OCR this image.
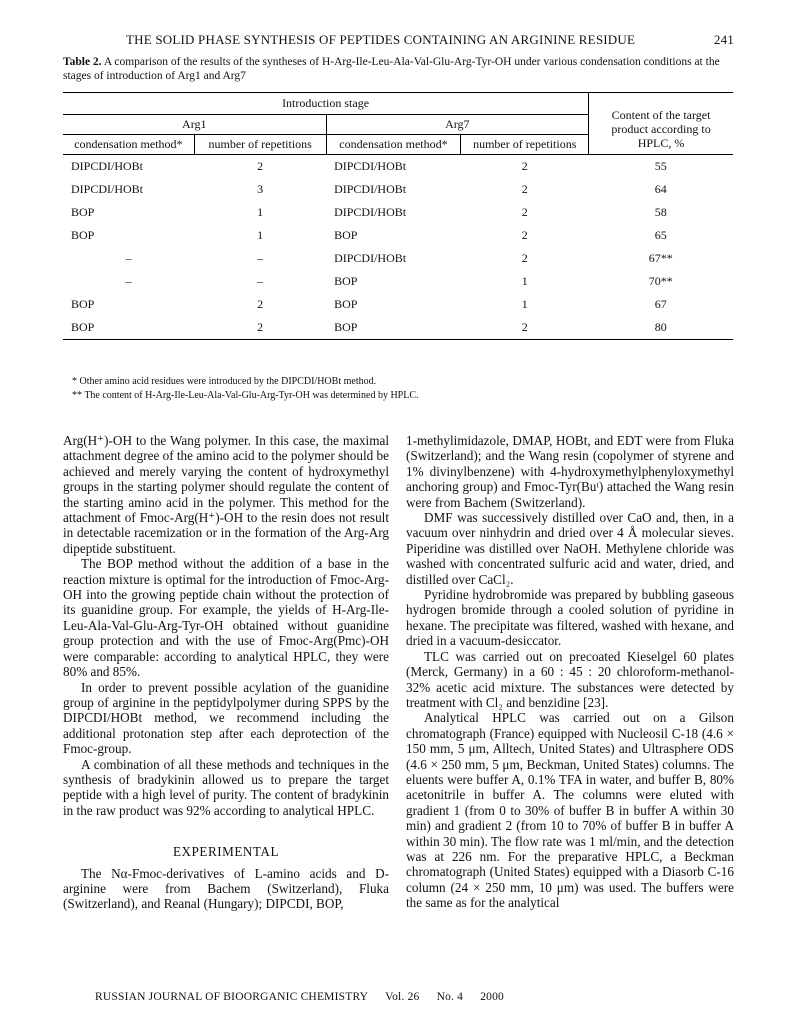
THE SOLID PHASE SYNTHESIS OF PEPTIDES CONTAINING AN ARGININE RESIDUE	241
Table 2. A comparison of the results of the syntheses of H-Arg-Ile-Leu-Ala-Val-Glu-Arg-Tyr-OH under various condensation conditions at the stages of introduction of Arg1 and Arg7
Introduction stage				Content of the target product according to HPLC, %
Arg1		Arg7		
condensation method*	number of repetitions	condensation method*	number of repetitions	
DIPCDI/HOBt	2	DIPCDI/HOBt	2	55
DIPCDI/HOBt	3	DIPCDI/HOBt	2	64
BOP	1	DIPCDI/HOBt	2	58
BOP	1	BOP	2	65
–	–	DIPCDI/HOBt	2	67**
–	–	BOP	1	70**
BOP	2	BOP	1	67
BOP	2	BOP	2	80
* Other amino acid residues were introduced by the DIPCDI/HOBt method.
** The content of H-Arg-Ile-Leu-Ala-Val-Glu-Arg-Tyr-OH was determined by HPLC.

Arg(H⁺)-OH to the Wang polymer. In this case, the maximal attachment degree of the amino acid to the polymer should be achieved and merely varying the content of hydroxymethyl groups in the starting polymer should regulate the content of the starting amino acid in the polymer. This method for the attachment of Fmoc-Arg(H⁺)-OH to the resin does not result in detectable racemization or in the formation of the Arg-Arg dipeptide substituent.

The BOP method without the addition of a base in the reaction mixture is optimal for the introduction of Fmoc-Arg-OH into the growing peptide chain without the protection of its guanidine group. For example, the yields of H-Arg-Ile-Leu-Ala-Val-Glu-Arg-Tyr-OH obtained without guanidine group protection and with the use of Fmoc-Arg(Pmc)-OH were comparable: according to analytical HPLC, they were 80% and 85%.

In order to prevent possible acylation of the guanidine group of arginine in the peptidylpolymer during SPPS by the DIPCDI/HOBt method, we recommend including the additional protonation step after each deprotection of the Fmoc-group.

A combination of all these methods and techniques in the synthesis of bradykinin allowed us to prepare the target peptide with a high level of purity. The content of bradykinin in the raw product was 92% according to analytical HPLC.

EXPERIMENTAL

The Nα-Fmoc-derivatives of L-amino acids and D-arginine were from Bachem (Switzerland), Fluka (Switzerland), and Reanal (Hungary); DIPCDI, BOP,

1-methylimidazole, DMAP, HOBt, and EDT were from Fluka (Switzerland); and the Wang resin (copolymer of styrene and 1% divinylbenzene) with 4-hydroxymethylphenyloxymethyl anchoring group) and Fmoc-Tyr(Buᵗ) attached the Wang resin were from Bachem (Switzerland).

DMF was successively distilled over CaO and, then, in a vacuum over ninhydrin and dried over 4 Å molecular sieves. Piperidine was distilled over NaOH. Methylene chloride was washed with concentrated sulfuric acid and water, dried, and distilled over CaCl₂.

Pyridine hydrobromide was prepared by bubbling gaseous hydrogen bromide through a cooled solution of pyridine in hexane. The precipitate was filtered, washed with hexane, and dried in a vacuum-desiccator.

TLC was carried out on precoated Kieselgel 60 plates (Merck, Germany) in a 60 : 45 : 20 chloroform-methanol-32% acetic acid mixture. The substances were detected by treatment with Cl₂ and benzidine [23].

Analytical HPLC was carried out on a Gilson chromatograph (France) equipped with Nucleosil C-18 (4.6 × 150 mm, 5 μm, Alltech, United States) and Ultrasphere ODS (4.6 × 250 mm, 5 μm, Beckman, United States) columns. The eluents were buffer A, 0.1% TFA in water, and buffer B, 80% acetonitrile in buffer A. The columns were eluted with gradient 1 (from 0 to 30% of buffer B in buffer A within 30 min) and gradient 2 (from 10 to 70% of buffer B in buffer A within 30 min). The flow rate was 1 ml/min, and the detection was at 226 nm. For the preparative HPLC, a Beckman chromatograph (United States) equipped with a Diasorb C-16 column (24 × 250 mm, 10 μm) was used. The buffers were the same as for the analytical

RUSSIAN JOURNAL OF BIOORGANIC CHEMISTRY Vol. 26 No. 4 2000
